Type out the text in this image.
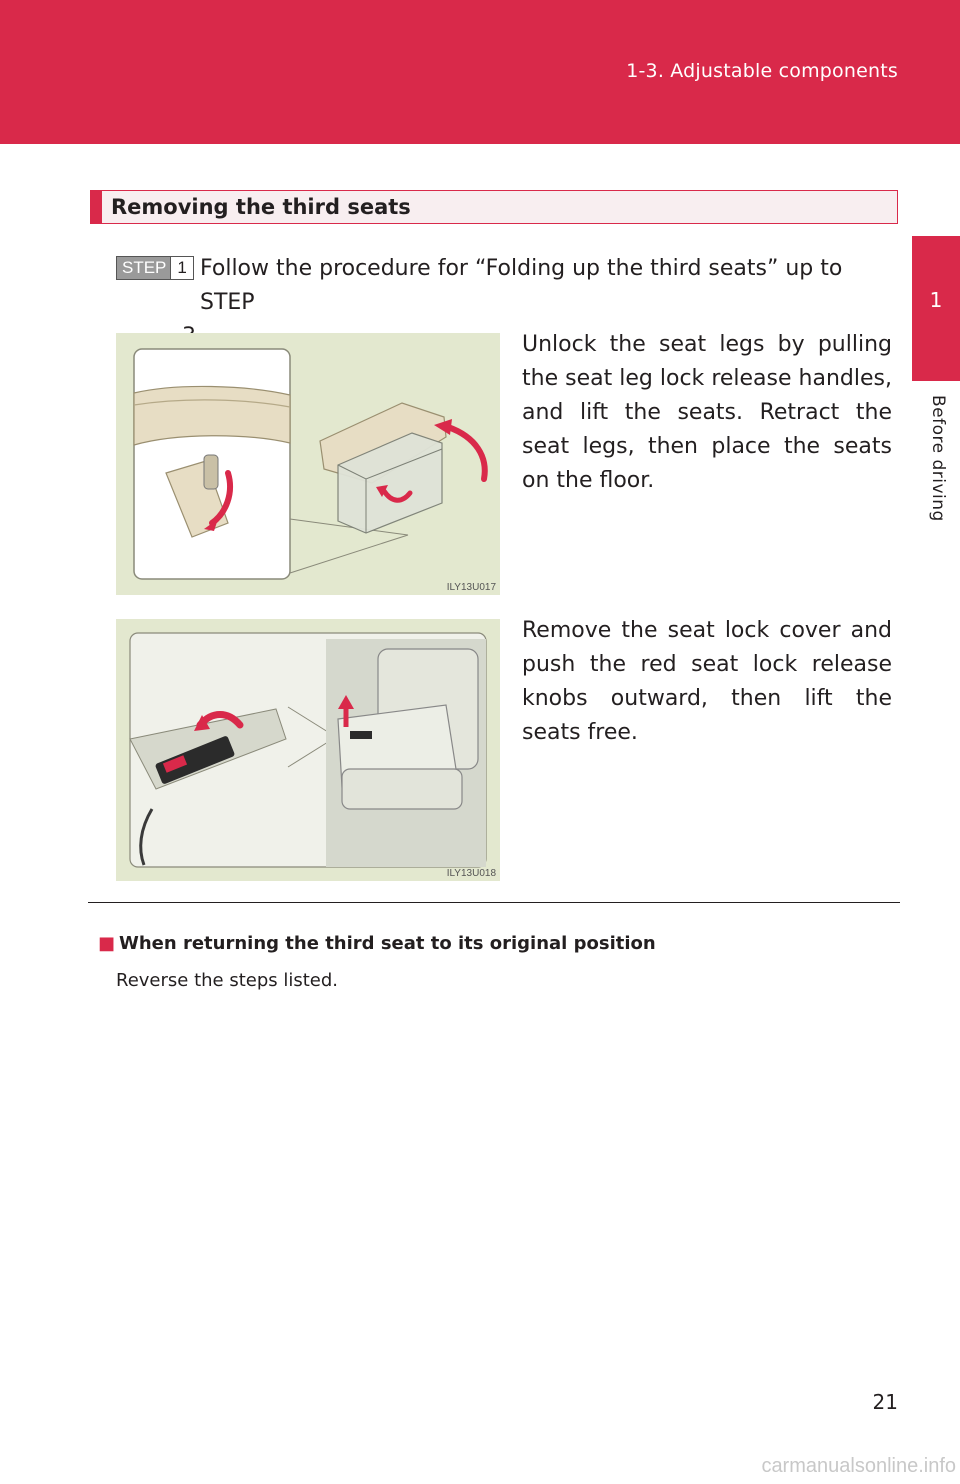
1-3. Adjustable components
1
Before driving
Removing the third seats
STEP 1 Follow the procedure for “Folding up the third seats” up to STEP
ILY13U017
Unlock the seat legs by pulling the seat leg lock release handles, and lift the seats. Retract the seat legs, then place the seats on the floor.
ILY13U018
Remove the seat lock cover and push the red seat lock release knobs outward, then lift the seats free.
■ When returning the third seat to its original position
Reverse the steps listed.
21
carmanualsonline.info
